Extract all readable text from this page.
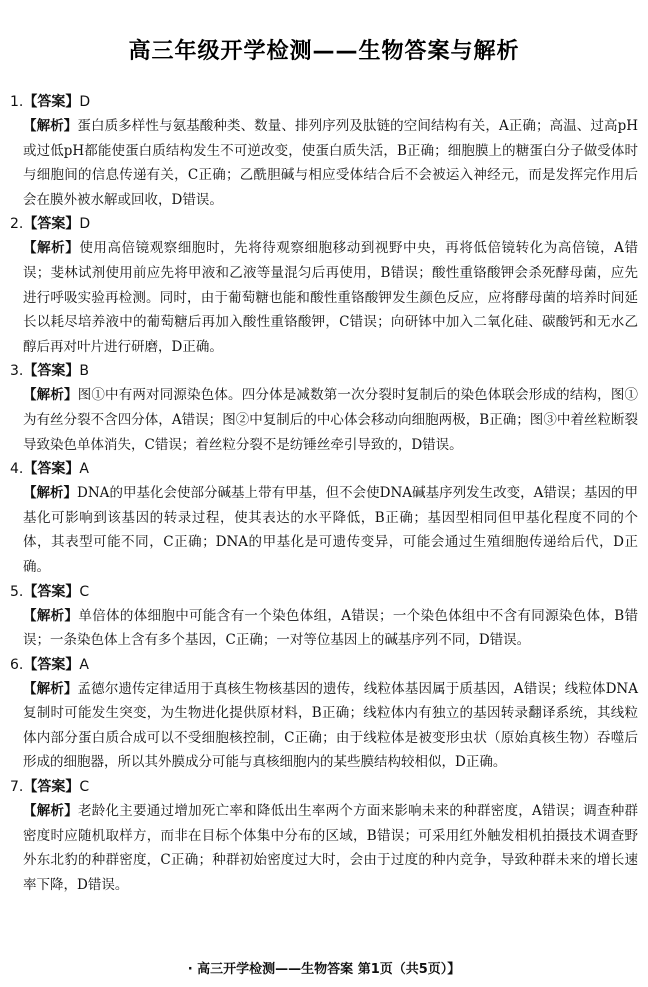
高三年级开学检测——生物答案与解析
1.【答案】D
【解析】蛋白质多样性与氨基酸种类、数量、排列序列及肽链的空间结构有关，A正确；高温、过高pH或过低pH都能使蛋白质结构发生不可逆改变，使蛋白质失活，B正确；细胞膜上的糖蛋白分子做受体时与细胞间的信息传递有关，C正确；乙酰胆碱与相应受体结合后不会被运入神经元，而是发挥完作用后会在膜外被水解或回收，D错误。
2.【答案】D
【解析】使用高倍镜观察细胞时，先将待观察细胞移动到视野中央，再将低倍镜转化为高倍镜，A错误；斐林试剂使用前应先将甲液和乙液等量混匀后再使用，B错误；酸性重铬酸钾会杀死酵母菌，应先进行呼吸实验再检测。同时，由于葡萄糖也能和酸性重铬酸钾发生颜色反应，应将酵母菌的培养时间延长以耗尽培养液中的葡萄糖后再加入酸性重铬酸钾，C错误；向研钵中加入二氧化硅、碳酸钙和无水乙醇后再对叶片进行研磨，D正确。
3.【答案】B
【解析】图①中有两对同源染色体。四分体是减数第一次分裂时复制后的染色体联会形成的结构，图①为有丝分裂不含四分体，A错误；图②中复制后的中心体会移动向细胞两极，B正确；图③中着丝粒断裂导致染色单体消失，C错误；着丝粒分裂不是纺锤丝牵引导致的，D错误。
4.【答案】A
【解析】DNA的甲基化会使部分碱基上带有甲基，但不会使DNA碱基序列发生改变，A错误；基因的甲基化可影响到该基因的转录过程，使其表达的水平降低，B正确；基因型相同但甲基化程度不同的个体，其表型可能不同，C正确；DNA的甲基化是可遗传变异，可能会通过生殖细胞传递给后代，D正确。
5.【答案】C
【解析】单倍体的体细胞中可能含有一个染色体组，A错误；一个染色体组中不含有同源染色体，B错误；一条染色体上含有多个基因，C正确；一对等位基因上的碱基序列不同，D错误。
6.【答案】A
【解析】孟德尔遗传定律适用于真核生物核基因的遗传，线粒体基因属于质基因，A错误；线粒体DNA复制时可能发生突变，为生物进化提供原材料，B正确；线粒体内有独立的基因转录翻译系统，其线粒体内部分蛋白质合成可以不受细胞核控制，C正确；由于线粒体是被变形虫状（原始真核生物）吞噬后形成的细胞器，所以其外膜成分可能与真核细胞内的某些膜结构较相似，D正确。
7.【答案】C
【解析】老龄化主要通过增加死亡率和降低出生率两个方面来影响未来的种群密度，A错误；调查种群密度时应随机取样方，而非在目标个体集中分布的区域，B错误；可采用红外触发相机拍摄技术调查野外东北豹的种群密度，C正确；种群初始密度过大时，会由于过度的种内竞争，导致种群未来的增长速率下降，D错误。
· 高三开学检测——生物答案 第1页（共5页）】
